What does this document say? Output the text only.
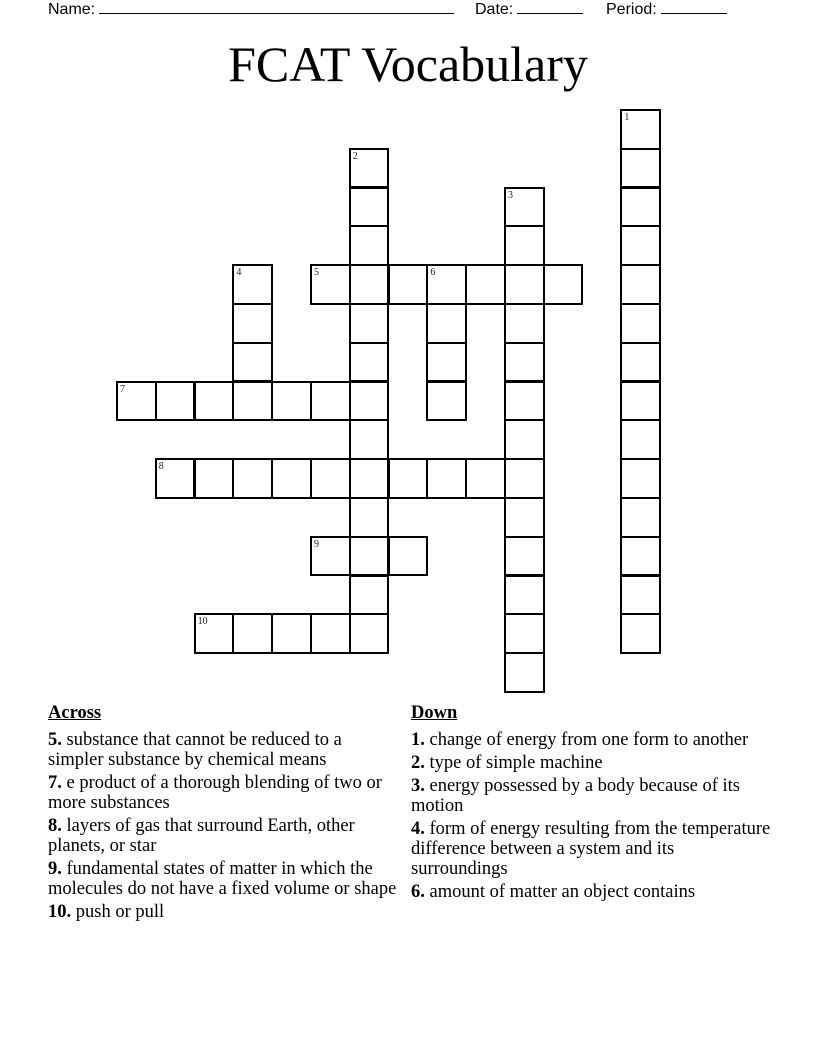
Name:	Date:	Period:
FCAT Vocabulary
1
2
3
4	5	6
7
8
9
10
Across
5. substance that cannot be reduced to a simpler substance by chemical means
7. e product of a thorough blending of two or more substances
8. layers of gas that surround Earth, other planets, or star
9. fundamental states of matter in which the molecules do not have a fixed volume or shape
10. push or pull
Down
1. change of energy from one form to another
2. type of simple machine
3. energy possessed by a body because of its motion
4. form of energy resulting from the temperature difference between a system and its surroundings
6. amount of matter an object contains
